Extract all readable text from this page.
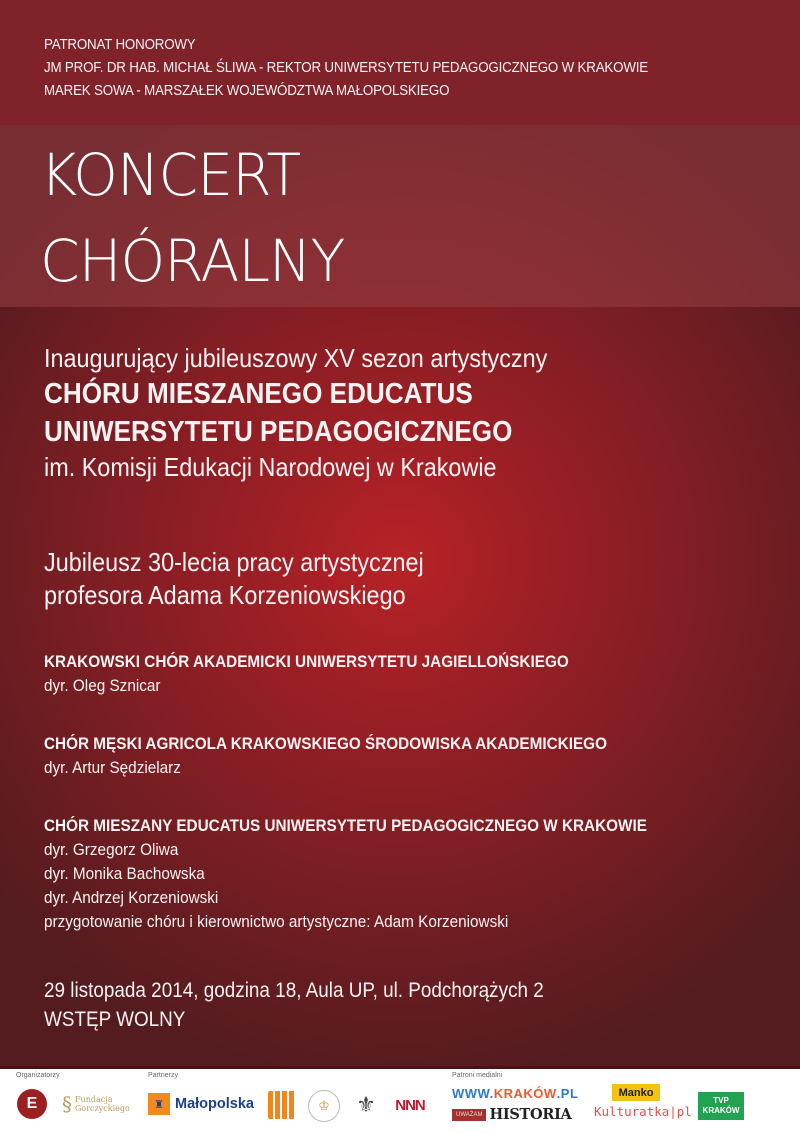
PATRONAT HONOROWY
JM PROF. DR HAB. MICHAŁ ŚLIWA - REKTOR UNIWERSYTETU PEDAGOGICZNEGO W KRAKOWIE
MAREK SOWA - MARSZAŁEK WOJEWÓDZTWA MAŁOPOLSKIEGO
KONCERT
CHÓRALNY
Inaugurujący jubileuszowy XV sezon artystyczny
CHÓRU MIESZANEGO EDUCATUS
UNIWERSYTETU PEDAGOGICZNEGO
im. Komisji Edukacji Narodowej w Krakowie
Jubileusz 30-lecia pracy artystycznej
profesora Adama Korzeniowskiego
KRAKOWSKI CHÓR AKADEMICKI UNIWERSYTETU JAGIELLOŃSKIEGO
dyr. Oleg Sznicar
CHÓR MĘSKI AGRICOLA KRAKOWSKIEGO ŚRODOWISKA AKADEMICKIEGO
dyr. Artur Sędzielarz
CHÓR MIESZANY EDUCATUS UNIWERSYTETU PEDAGOGICZNEGO W KRAKOWIE
dyr. Grzegorz Oliwa
dyr. Monika Bachowska
dyr. Andrzej Korzeniowski
przygotowanie chóru i kierownictwo artystyczne: Adam Korzeniowski
29 listopada 2014, godzina 18, Aula UP, ul. Podchorążych 2
WSTĘP WOLNY
Organizatorzy	Partnerzy	Patroni medialni
E § Fundacja
Gorczyckiego	♜ Małopolska	♔ ⚜	NNN
WWW. KRAKÓW .PL
UWAŻAM HISTORIA
Manko
Kulturatka|pl
TVP
KRAKÓW
